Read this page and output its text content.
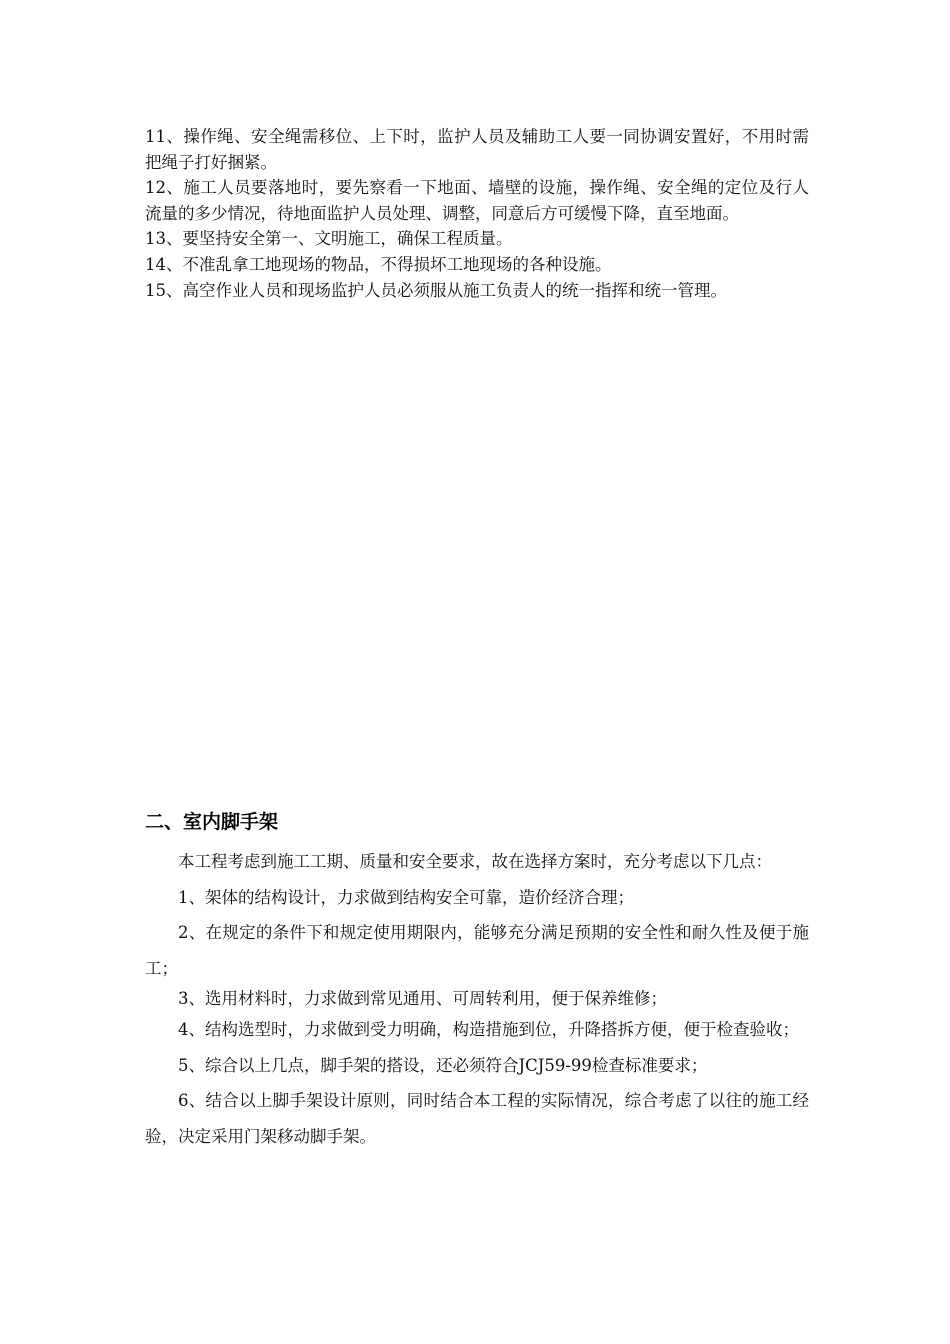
11、操作绳、安全绳需移位、上下时，监护人员及辅助工人要一同协调安置好，不用时需把绳子打好捆紧。

12、施工人员要落地时，要先察看一下地面、墙壁的设施，操作绳、安全绳的定位及行人流量的多少情况，待地面监护人员处理、调整，同意后方可缓慢下降，直至地面。

13、要坚持安全第一、文明施工，确保工程质量。

14、不准乱拿工地现场的物品，不得损坏工地现场的各种设施。

15、高空作业人员和现场监护人员必须服从施工负责人的统一指挥和统一管理。

二、室内脚手架

本工程考虑到施工工期、质量和安全要求，故在选择方案时，充分考虑以下几点：

1、架体的结构设计，力求做到结构安全可靠，造价经济合理；

2、在规定的条件下和规定使用期限内，能够充分满足预期的安全性和耐久性及便于施工；

3、选用材料时，力求做到常见通用、可周转利用，便于保养维修；

4、结构选型时，力求做到受力明确，构造措施到位，升降搭拆方便，便于检查验收；

5、综合以上几点，脚手架的搭设，还必须符合JCJ59-99检查标准要求；

6、结合以上脚手架设计原则，同时结合本工程的实际情况，综合考虑了以往的施工经验，决定采用门架移动脚手架。
